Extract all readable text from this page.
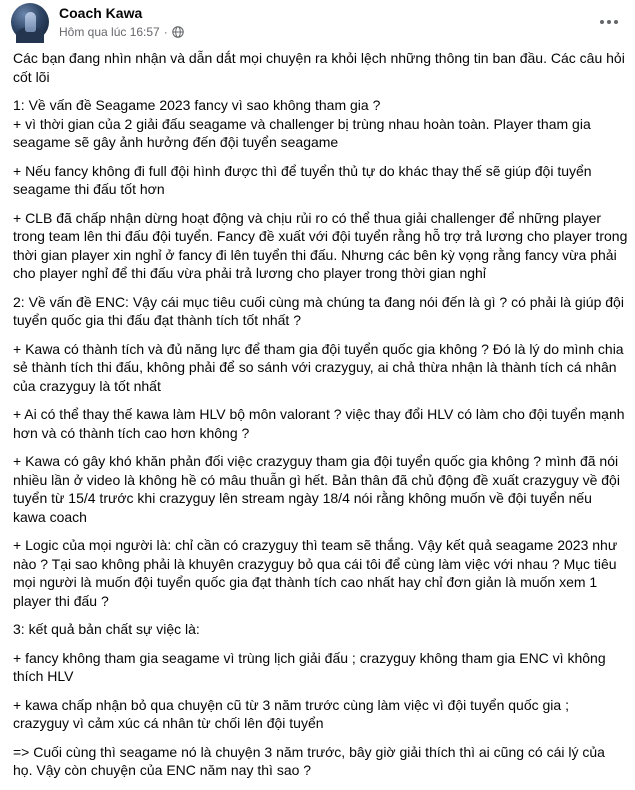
Coach Kawa
Hôm qua lúc 16:57 ·

Các bạn đang nhìn nhận và dẫn dắt mọi chuyện ra khỏi lệch những thông tin ban đầu. Các câu hỏi cốt lõi

1: Về vấn đề Seagame 2023 fancy vì sao không tham gia ?
+ vì thời gian của 2 giải đấu seagame và challenger bị trùng nhau hoàn toàn. Player tham gia seagame sẽ gây ảnh hưởng đến đội tuyển seagame

+ Nếu fancy không đi full đội hình được thì để tuyển thủ tự do khác thay thế sẽ giúp đội tuyển seagame thi đấu tốt hơn

+ CLB đã chấp nhận dừng hoạt động và chịu rủi ro có thể thua giải challenger để những player trong team lên thi đấu đội tuyển. Fancy đề xuất với đội tuyển rằng hỗ trợ trả lương cho player trong thời gian player xin nghỉ ở fancy đi lên tuyển thi đấu. Nhưng các bên kỳ vọng rằng fancy vừa phải cho player nghỉ để thi đấu vừa phải trả lương cho player trong thời gian nghỉ

2: Về vấn đề ENC: Vậy cái mục tiêu cuối cùng mà chúng ta đang nói đến là gì ? có phải là giúp đội tuyển quốc gia thi đấu đạt thành tích tốt nhất ?

+ Kawa có thành tích và đủ năng lực để tham gia đội tuyển quốc gia không ? Đó là lý do mình chia sẻ thành tích thi đấu, không phải để so sánh với crazyguy, ai chả thừa nhận là thành tích cá nhân của crazyguy là tốt nhất

+ Ai có thể thay thế kawa làm HLV bộ môn valorant ? việc thay đổi HLV có làm cho đội tuyển mạnh hơn và có thành tích cao hơn không ?

+ Kawa có gây khó khăn phản đối việc crazyguy tham gia đội tuyển quốc gia không ? mình đã nói nhiều lần ở video là không hề có mâu thuẫn gì hết. Bản thân đã chủ động đề xuất crazyguy về đội tuyển từ 15/4 trước khi crazyguy lên stream ngày 18/4 nói rằng không muốn về đội tuyển nếu kawa coach

+ Logic của mọi người là: chỉ cần có crazyguy thì team sẽ thắng. Vậy kết quả seagame 2023 như nào ? Tại sao không phải là khuyên crazyguy bỏ qua cái tôi để cùng làm việc với nhau ? Mục tiêu mọi người là muốn đội tuyển quốc gia đạt thành tích cao nhất hay chỉ đơn giản là muốn xem 1 player thi đấu ?

3: kết quả bản chất sự việc là:

+ fancy không tham gia seagame vì trùng lịch giải đấu ; crazyguy không tham gia ENC vì không thích HLV

+ kawa chấp nhận bỏ qua chuyện cũ từ 3 năm trước cùng làm việc vì đội tuyển quốc gia ; crazyguy vì cảm xúc cá nhân từ chối lên đội tuyển

=> Cuối cùng thì seagame nó là chuyện 3 năm trước, bây giờ giải thích thì ai cũng có cái lý của họ. Vậy còn chuyện của ENC năm nay thì sao ?
